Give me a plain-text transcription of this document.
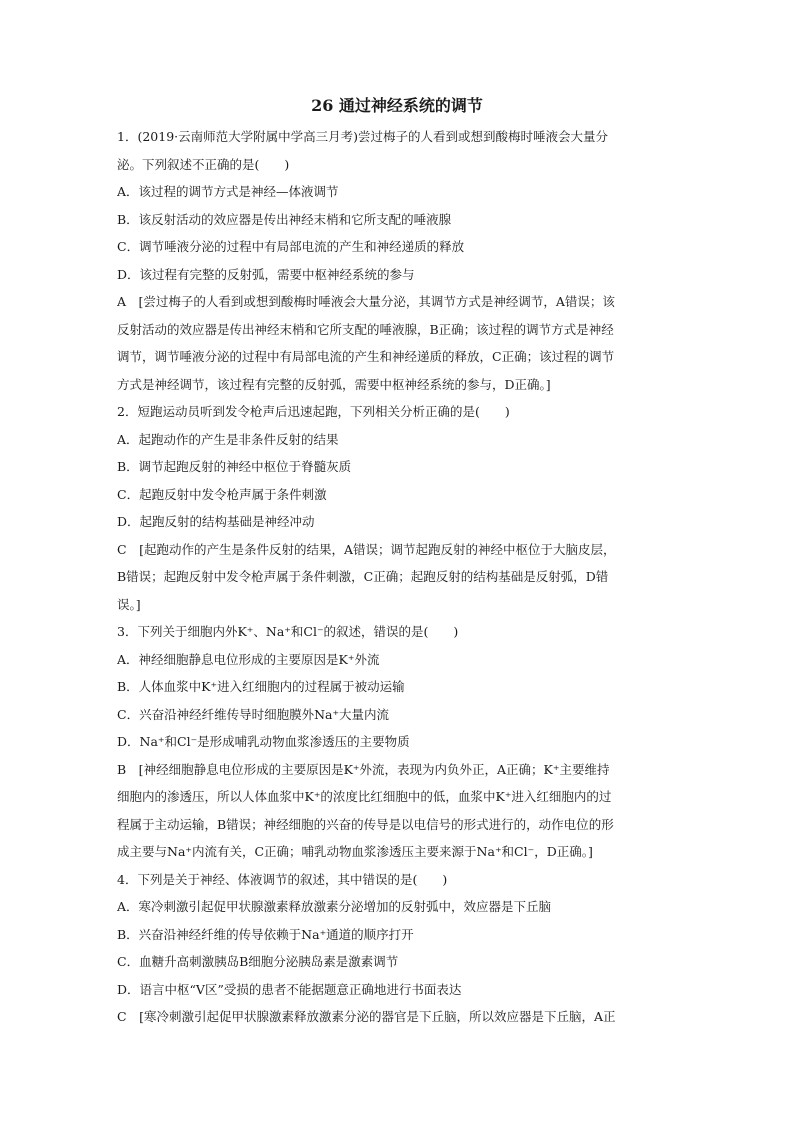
26 通过神经系统的调节
1．(2019·云南师范大学附属中学高三月考)尝过梅子的人看到或想到酸梅时唾液会大量分
泌。下列叙述不正确的是(　　)
A．该过程的调节方式是神经—体液调节
B．该反射活动的效应器是传出神经末梢和它所支配的唾液腺
C．调节唾液分泌的过程中有局部电流的产生和神经递质的释放
D．该过程有完整的反射弧，需要中枢神经系统的参与
A　[尝过梅子的人看到或想到酸梅时唾液会大量分泌，其调节方式是神经调节，A错误；该
反射活动的效应器是传出神经末梢和它所支配的唾液腺，B正确；该过程的调节方式是神经
调节，调节唾液分泌的过程中有局部电流的产生和神经递质的释放，C正确；该过程的调节
方式是神经调节，该过程有完整的反射弧，需要中枢神经系统的参与，D正确。]
2．短跑运动员听到发令枪声后迅速起跑，下列相关分析正确的是(　　)
A．起跑动作的产生是非条件反射的结果
B．调节起跑反射的神经中枢位于脊髓灰质
C．起跑反射中发令枪声属于条件刺激
D．起跑反射的结构基础是神经冲动
C　[起跑动作的产生是条件反射的结果，A错误；调节起跑反射的神经中枢位于大脑皮层，
B错误；起跑反射中发令枪声属于条件刺激，C正确；起跑反射的结构基础是反射弧，D错
误。]
3．下列关于细胞内外K⁺、Na⁺和Cl⁻的叙述，错误的是(　　)
A．神经细胞静息电位形成的主要原因是K⁺外流
B．人体血浆中K⁺进入红细胞内的过程属于被动运输
C．兴奋沿神经纤维传导时细胞膜外Na⁺大量内流
D．Na⁺和Cl⁻是形成哺乳动物血浆渗透压的主要物质
B　[神经细胞静息电位形成的主要原因是K⁺外流，表现为内负外正，A正确；K⁺主要维持
细胞内的渗透压，所以人体血浆中K⁺的浓度比红细胞中的低，血浆中K⁺进入红细胞内的过
程属于主动运输，B错误；神经细胞的兴奋的传导是以电信号的形式进行的，动作电位的形
成主要与Na⁺内流有关，C正确；哺乳动物血浆渗透压主要来源于Na⁺和Cl⁻，D正确。]
4．下列是关于神经、体液调节的叙述，其中错误的是(　　)
A．寒冷刺激引起促甲状腺激素释放激素分泌增加的反射弧中，效应器是下丘脑
B．兴奋沿神经纤维的传导依赖于Na⁺通道的顺序打开
C．血糖升高刺激胰岛B细胞分泌胰岛素是激素调节
D．语言中枢“V区”受损的患者不能据题意正确地进行书面表达
C　[寒冷刺激引起促甲状腺激素释放激素分泌的器官是下丘脑，所以效应器是下丘脑，A正
